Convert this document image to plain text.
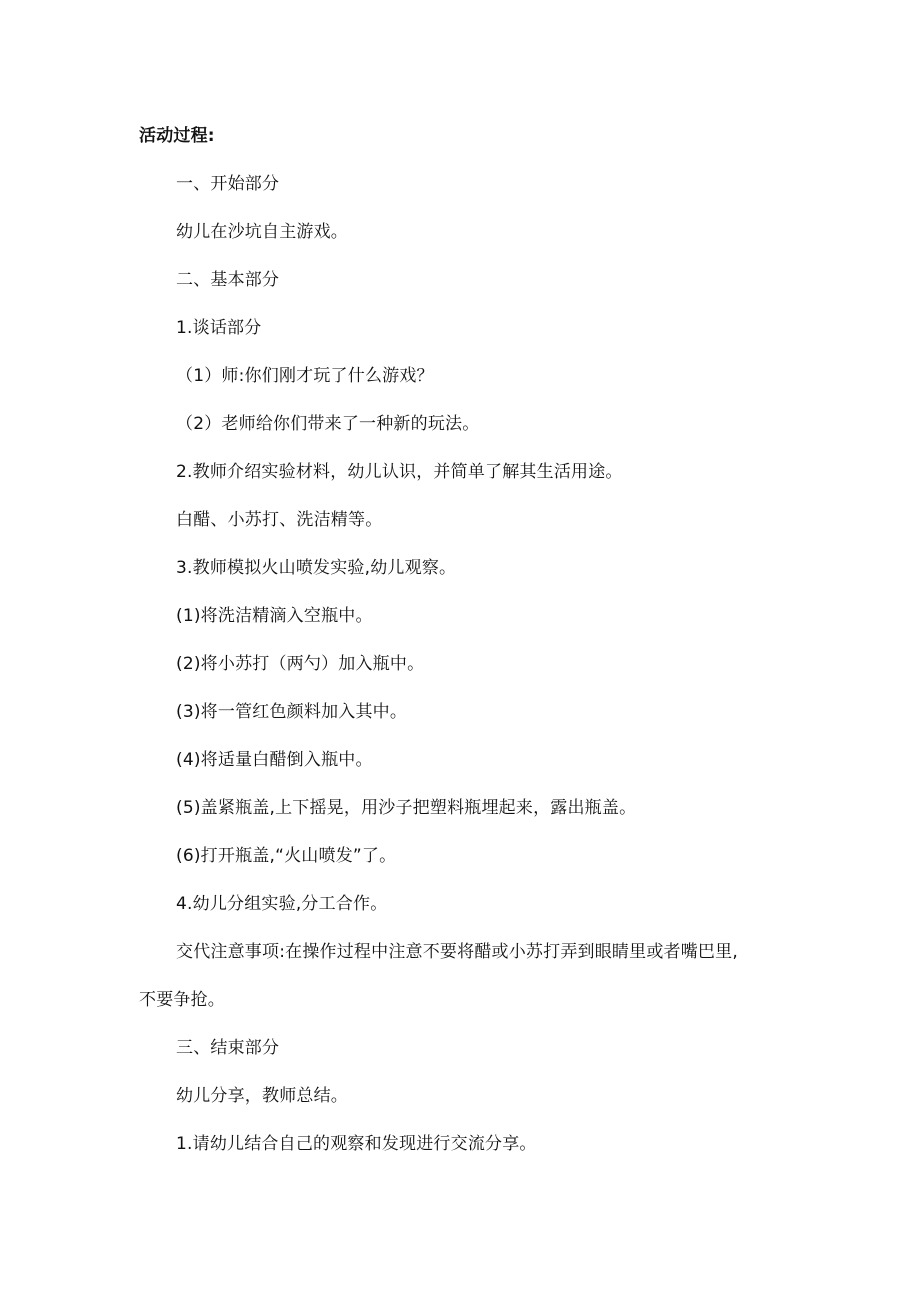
活动过程:
一、开始部分
幼儿在沙坑自主游戏。
二、基本部分
1.谈话部分
（1）师:你们刚才玩了什么游戏？
（2）老师给你们带来了一种新的玩法。
2.教师介绍实验材料，幼儿认识，并简单了解其生活用途。
白醋、小苏打、洗洁精等。
3.教师模拟火山喷发实验,幼儿观察。
(1)将洗洁精滴入空瓶中。
(2)将小苏打（两勺）加入瓶中。
(3)将一管红色颜料加入其中。
(4)将适量白醋倒入瓶中。
(5)盖紧瓶盖,上下摇晃，用沙子把塑料瓶埋起来，露出瓶盖。
(6)打开瓶盖,“火山喷发”了。
4.幼儿分组实验,分工合作。
交代注意事项:在操作过程中注意不要将醋或小苏打弄到眼睛里或者嘴巴里,
不要争抢。
三、结束部分
幼儿分享，教师总结。
1.请幼儿结合自己的观察和发现进行交流分享。
